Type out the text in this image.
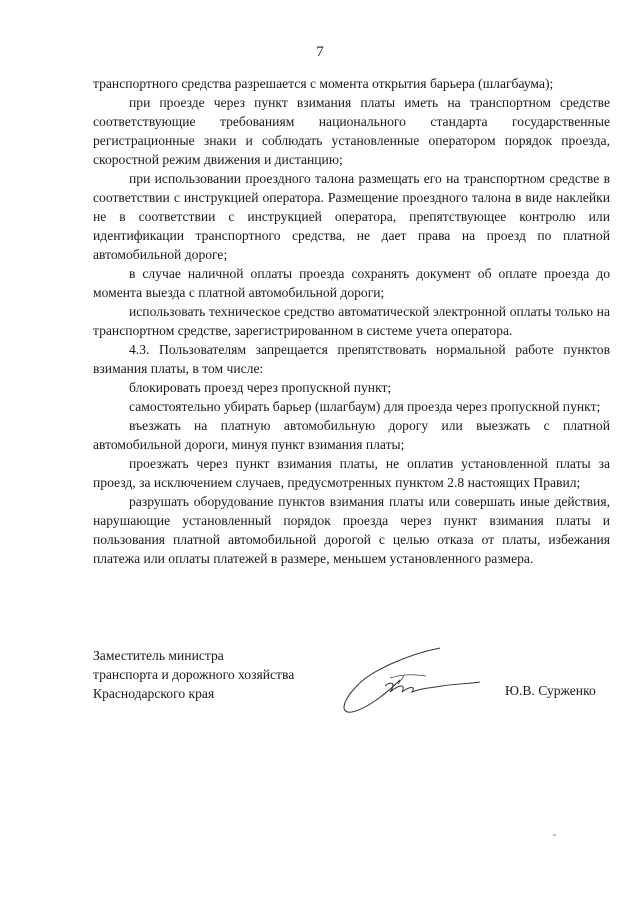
7

транспортного средства разрешается с момента открытия барьера (шлагбаума);

при проезде через пункт взимания платы иметь на транспортном средстве соответствующие требованиям национального стандарта государственные регистрационные знаки и соблюдать установленные оператором порядок проезда, скоростной режим движения и дистанцию;

при использовании проездного талона размещать его на транспортном средстве в соответствии с инструкцией оператора. Размещение проездного талона в виде наклейки не в соответствии с инструкцией оператора, препятствующее контролю или идентификации транспортного средства, не дает права на проезд по платной автомобильной дороге;

в случае наличной оплаты проезда сохранять документ об оплате проезда до момента выезда с платной автомобильной дороги;

использовать техническое средство автоматической электронной оплаты только на транспортном средстве, зарегистрированном в системе учета оператора.

4.3. Пользователям запрещается препятствовать нормальной работе пунктов взимания платы, в том числе:

блокировать проезд через пропускной пункт;

самостоятельно убирать барьер (шлагбаум) для проезда через пропускной пункт;

въезжать на платную автомобильную дорогу или выезжать с платной автомобильной дороги, минуя пункт взимания платы;

проезжать через пункт взимания платы, не оплатив установленной платы за проезд, за исключением случаев, предусмотренных пунктом 2.8 настоящих Правил;

разрушать оборудование пунктов взимания платы или совершать иные действия, нарушающие установленный порядок проезда через пункт взимания платы и пользования платной автомобильной дорогой с целью отказа от платы, избежания платежа или оплаты платежей в размере, меньшем установленного размера.

Заместитель министра
транспорта и дорожного хозяйства
Краснодарского края	Ю.В. Сурженко
